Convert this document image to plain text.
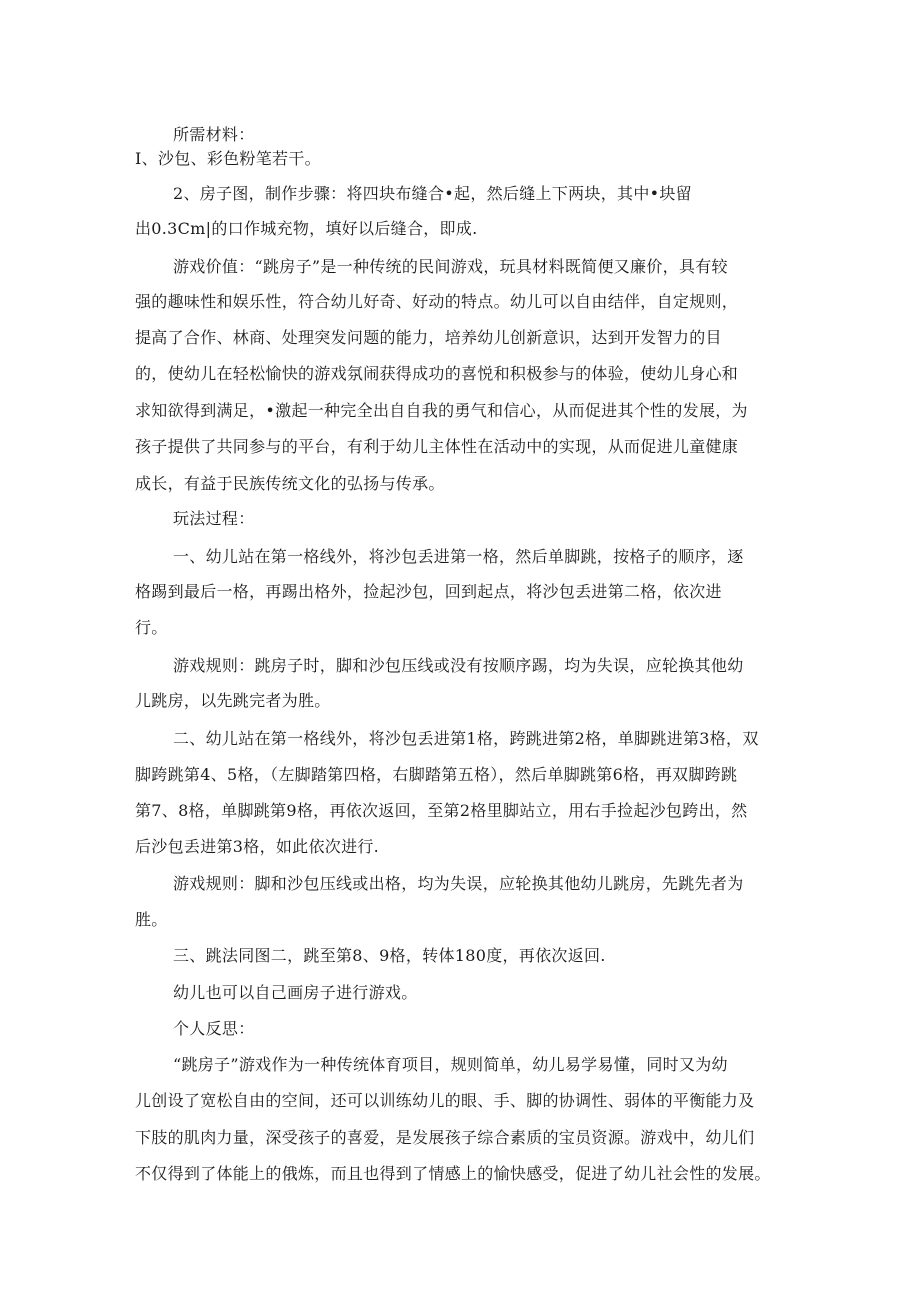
所需材料：
I、沙包、彩色粉笔若干。
2、房子图，制作步骤：将四块布缝合•起，然后缝上下两块，其中•块留
出0.3Cm|的口作城充物，填好以后缝合，即成.
游戏价值：“跳房子”是一种传统的民间游戏，玩具材料既简便又廉价，具有较
强的趣味性和娱乐性，符合幼儿好奇、好动的特点。幼儿可以自由结伴，自定规则，
提高了合作、林商、处理突发问题的能力，培养幼儿创新意识，达到开发智力的目
的，使幼儿在轻松愉快的游戏氛闹获得成功的喜悦和积极参与的体验，使幼儿身心和
求知欲得到满足，•激起一种完全出自自我的勇气和信心，从而促进其个性的发展，为
孩子提供了共同参与的平台，有利于幼儿主体性在活动中的实现，从而促进儿童健康
成长，有益于民族传统文化的弘扬与传承。
玩法过程：
一、幼儿站在第一格线外，将沙包丢进第一格，然后单脚跳，按格子的顺序，逐
格踢到最后一格，再踢出格外，捡起沙包，回到起点，将沙包丢进第二格，依次进
行。
游戏规则：跳房子时，脚和沙包压线或没有按顺序踢，均为失误，应轮换其他幼
儿跳房，以先跳完者为胜。
二、幼儿站在第一格线外，将沙包丢进第1格，跨跳进第2格，单脚跳进第3格，双
脚跨跳第4、5格，（左脚踏第四格，右脚踏第五格），然后单脚跳第6格，再双脚跨跳
第7、8格，单脚跳第9格，再依次返回，至第2格里脚站立，用右手捡起沙包跨出，然
后沙包丢进第3格，如此依次进行.
游戏规则：脚和沙包压线或出格，均为失误，应轮换其他幼儿跳房，先跳先者为
胜。
三、跳法同图二，跳至第8、9格，转体180度，再依次返回.
幼儿也可以自己画房子进行游戏。
个人反思：
“跳房子”游戏作为一种传统体育项目，规则简单，幼儿易学易懂，同时又为幼
儿创设了宽松自由的空间，还可以训练幼儿的眼、手、脚的协调性、弱体的平衡能力及
下肢的肌肉力量，深受孩子的喜爱，是发展孩子综合素质的宝员资源。游戏中，幼儿们
不仅得到了体能上的俄炼，而且也得到了情感上的愉快感受，促进了幼儿社会性的发展。
